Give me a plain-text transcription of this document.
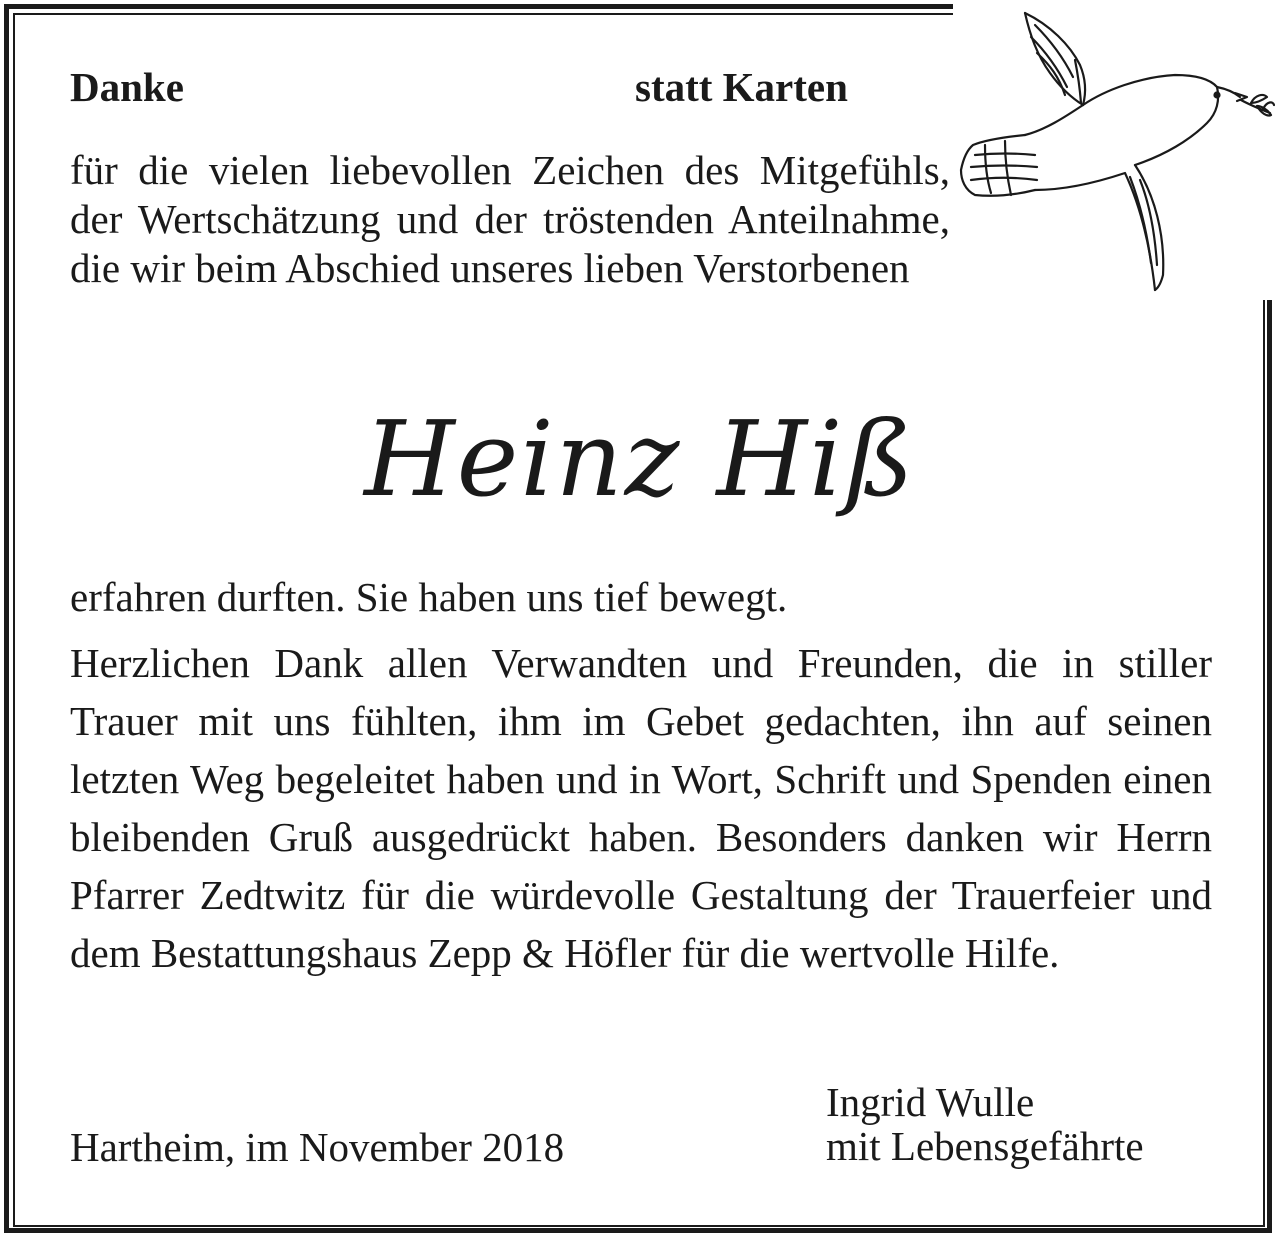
Danke	statt Karten

für die vielen liebevollen Zeichen des Mitgefühls, der Wertschätzung und der tröstenden Anteilnahme, die wir beim Abschied unseres lieben Verstorbenen

Heinz Hiß
erfahren durften. Sie haben uns tief bewegt.

Herzlichen Dank allen Verwandten und Freunden, die in stiller Trauer mit uns fühlten, ihm im Gebet gedachten, ihn auf seinen letzten Weg begeleitet haben und in Wort, Schrift und Spenden einen bleibenden Gruß ausgedrückt haben. Besonders danken wir Herrn Pfarrer Zedtwitz für die würdevolle Gestaltung der Trauerfeier und dem Bestattungshaus Zepp & Höfler für die wertvolle Hilfe.

Hartheim, im November 2018
Ingrid Wulle
mit Lebensgefährte
